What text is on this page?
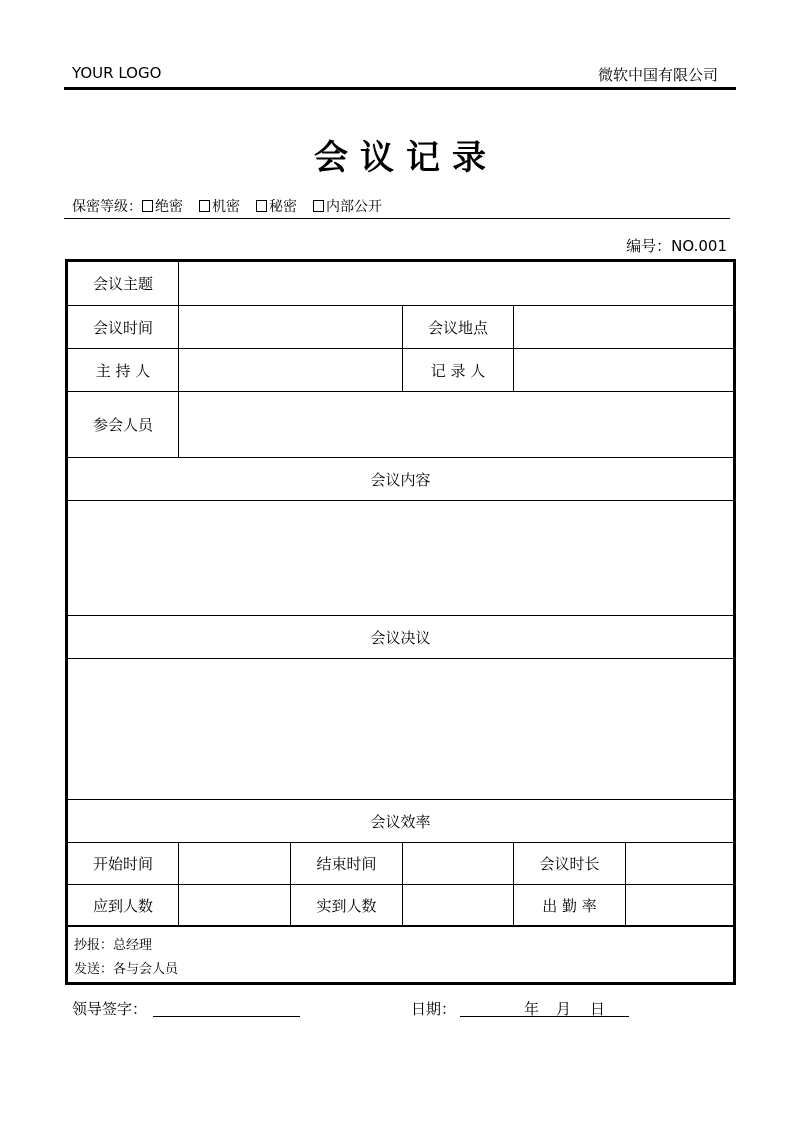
YOUR LOGO	微软中国有限公司
会议记录
保密等级： 绝密 机密 秘密 内部公开
编号：NO.001
会议主题
会议时间	会议地点
主 持 人	记 录 人
参会人员
会议内容
会议决议
会议效率
开始时间	结束时间	会议时长
应到人数	实到人数	出 勤 率
抄报：总经理
发送：各与会人员
领导签字：	日期：	年 月 日
